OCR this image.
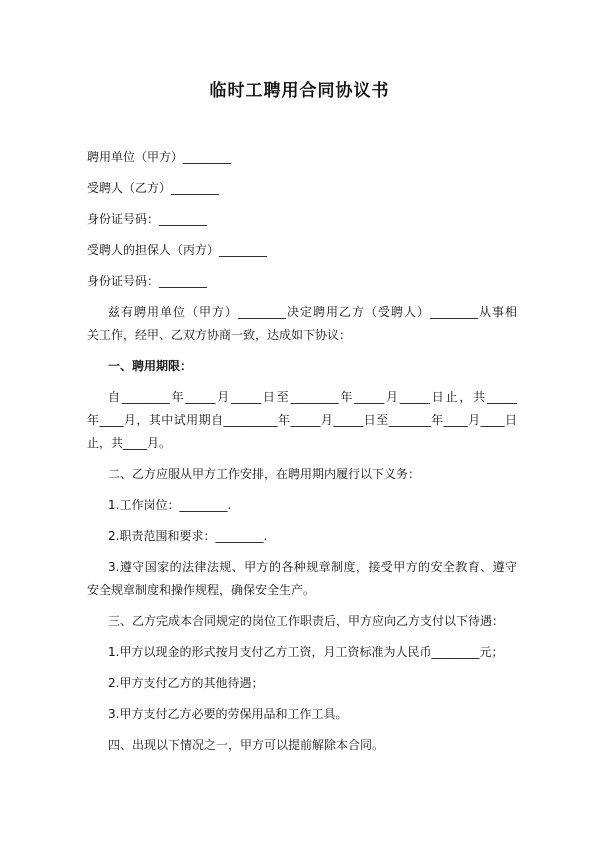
临时工聘用合同协议书
聘用单位（甲方）________
受聘人（乙方）________
身份证号码：________
受聘人的担保人（丙方）________
身份证号码：________
兹有聘用单位（甲方）________决定聘用乙方（受聘人）________从事相
关工作，经甲、乙双方协商一致，达成如下协议：
一、聘用期限：
自________年_____月_____日至________年_____月_____日止，共_____
年____月，其中试用期自_________年_____月_____日至_______年____月____日
止，共____月。
二、乙方应服从甲方工作安排，在聘用期内履行以下义务：
1.工作岗位：________.
2.职责范围和要求：________.
3.遵守国家的法律法规、甲方的各种规章制度，接受甲方的安全教育、遵守
安全规章制度和操作规程，确保安全生产。
三、乙方完成本合同规定的岗位工作职责后，甲方应向乙方支付以下待遇：
1.甲方以现金的形式按月支付乙方工资，月工资标准为人民币________元；
2.甲方支付乙方的其他待遇；
3.甲方支付乙方必要的劳保用品和工作工具。
四、出现以下情况之一，甲方可以提前解除本合同。
